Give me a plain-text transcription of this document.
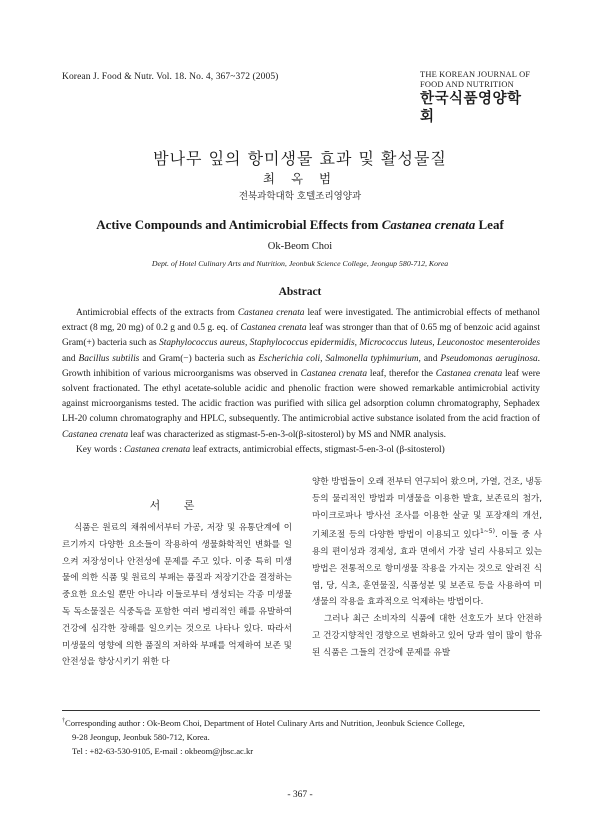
Korean J. Food & Nutr. Vol. 18. No. 4, 367~372 (2005)	THE KOREAN JOURNAL OF
FOOD AND NUTRITION
한국식품영양학회
밤나무 잎의 항미생물 효과 및 활성물질
최 옥 범
전북과학대학 호텔조리영양과
Active Compounds and Antimicrobial Effects from Castanea crenata Leaf
Ok-Beom Choi
Dept. of Hotel Culinary Arts and Nutrition, Jeonbuk Science College, Jeongup 580-712, Korea
Abstract

Antimicrobial effects of the extracts from Castanea crenata leaf were investigated. The antimicrobial effects of methanol extract (8 mg, 20 mg) of 0.2 g and 0.5 g. eq. of Castanea crenata leaf was stronger than that of 0.65 mg of benzoic acid against Gram(+) bacteria such as Staphylococcus aureus, Staphylococcus epidermidis, Micrococcus luteus, Leuconostoc mesenteroides and Bacillus subtilis and Gram(−) bacteria such as Escherichia coli, Salmonella typhimurium, and Pseudomonas aeruginosa. Growth inhibition of various microorganisms was observed in Castanea crenata leaf, therefor the Castanea crenata leaf were solvent fractionated. The ethyl acetate-soluble acidic and phenolic fraction were showed remarkable antimicrobial activity against microorganisms tested. The acidic fraction was purified with silica gel adsorption column chromatography, Sephadex LH-20 column chromatography and HPLC, subsequently. The antimicrobial active substance isolated from the acid fraction of Castanea crenata leaf was characterized as stigmast-5-en-3-ol(β-sitosterol) by MS and NMR analysis.

Key words : Castanea crenata leaf extracts, antimicrobial effects, stigmast-5-en-3-ol (β-sitosterol)

서 론

식품은 원료의 채취에서부터 가공, 저장 및 유통단계에 이르기까지 다양한 요소들이 작용하여 생물화학적인 변화를 일으켜 저장성이나 안전성에 문제를 주고 있다. 이중 특히 미생물에 의한 식품 및 원료의 부패는 품질과 저장기간을 결정하는 중요한 요소일 뿐만 아니라 이들로부터 생성되는 각종 미생물독 독소물질은 식중독을 포함한 여러 병리적인 해를 유발하여 건강에 심각한 장해를 일으키는 것으로 나타나 있다. 따라서 미생물의 영향에 의한 품질의 저하와 부패를 억제하여 보존 및 안전성을 향상시키기 위한 다

양한 방법들이 오래 전부터 연구되어 왔으며, 가열, 건조, 냉동 등의 물리적인 방법과 미생물을 이용한 발효, 보존료의 첨가, 마이크로파나 방사선 조사를 이용한 살균 및 포장재의 개선, 기체조절 등의 다양한 방법이 이용되고 있다$^{1\sim 5)}$. 이들 중 사용의 편이성과 경제성, 효과 면에서 가장 널리 사용되고 있는 방법은 전통적으로 항미생물 작용을 가지는 것으로 알려진 식염, 당, 식초, 훈연물질, 식품성분 및 보존료 등을 사용하여 미생물의 작용을 효과적으로 억제하는 방법이다.

그러나 최근 소비자의 식품에 대한 선호도가 보다 안전하고 건강지향적인 경향으로 변화하고 있어 당과 염이 많이 함유된 식품은 그들의 건강에 문제를 유발

†Corresponding author : Ok-Beom Choi, Department of Hotel Culinary Arts and Nutrition, Jeonbuk Science College,
9-28 Jeongup, Jeonbuk 580-712, Korea.
Tel : +82-63-530-9105, E-mail : okbeom@jbsc.ac.kr
- 367 -
